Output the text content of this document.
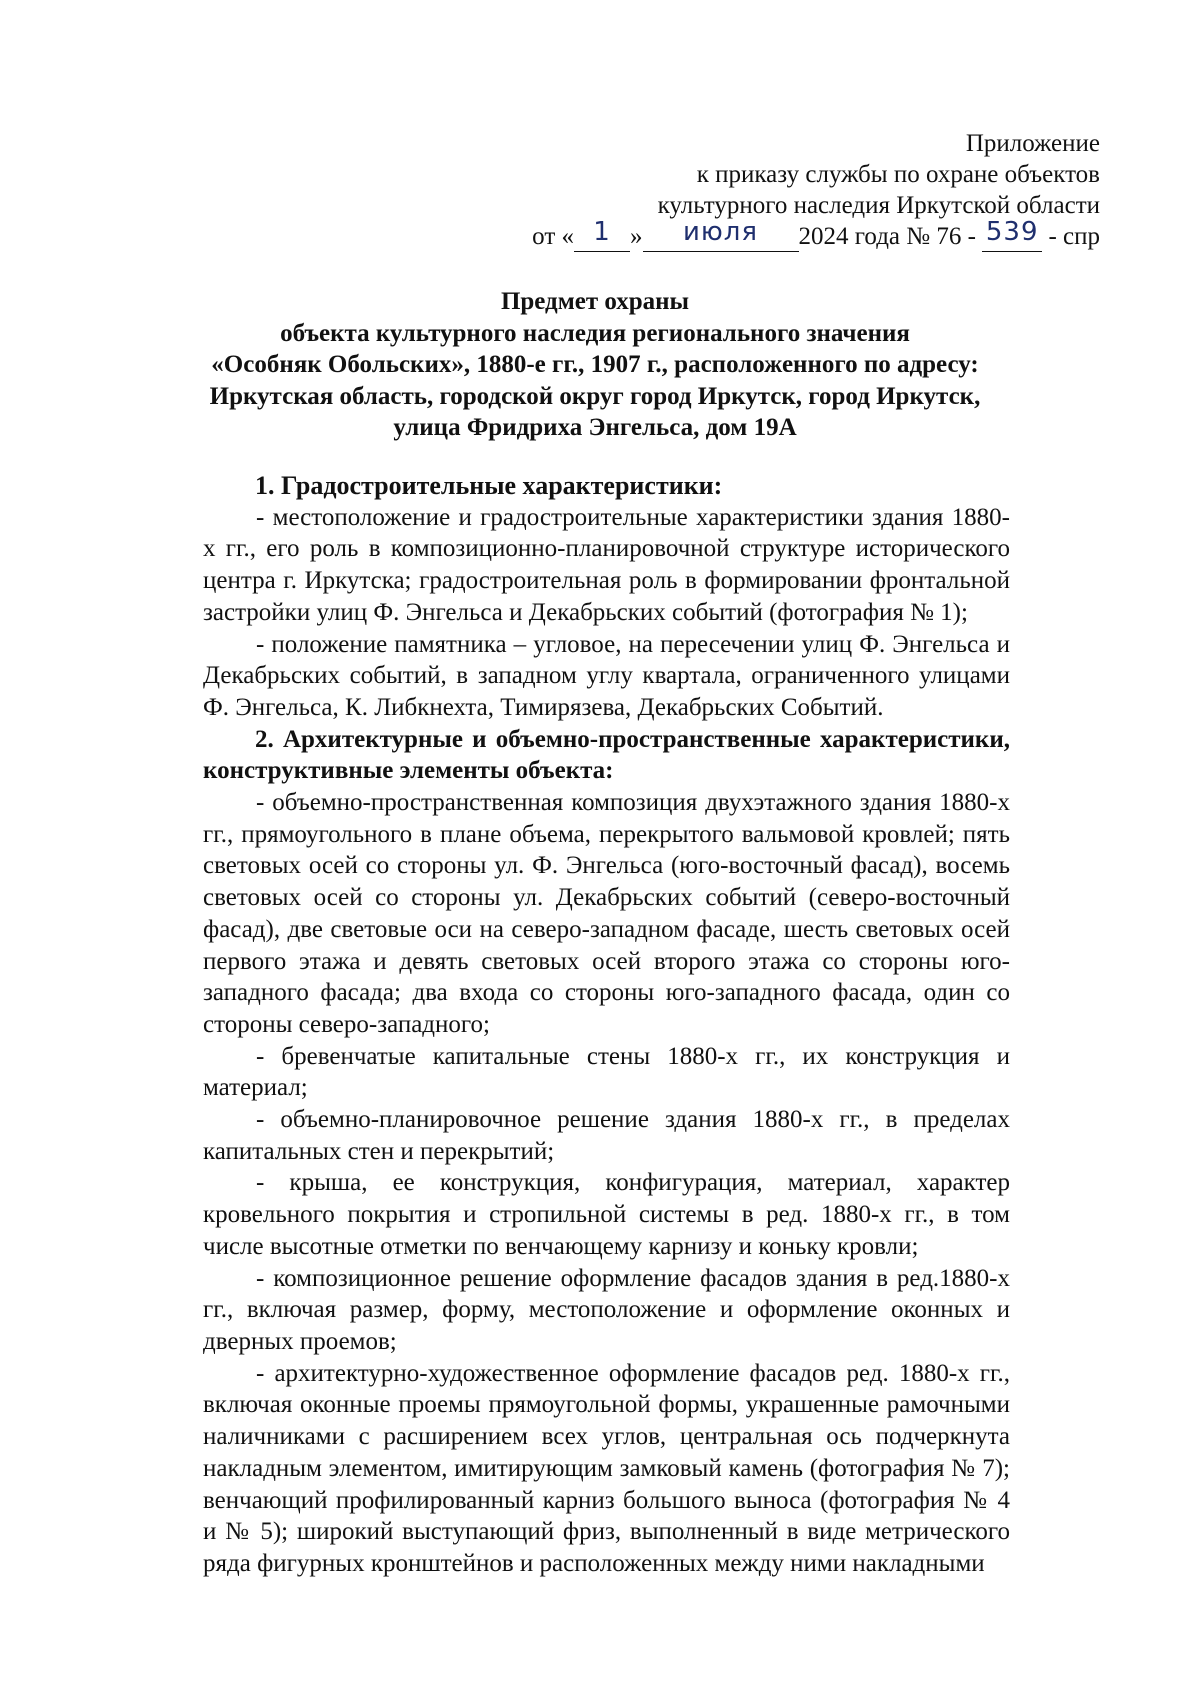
Приложение
к приказу службы по охране объектов
культурного наследия Иркутской области
от « 1 » июля 2024 года № 76 - 539 - спр
Предмет охраны
объекта культурного наследия регионального значения
«Особняк Обольских», 1880-е гг., 1907 г., расположенного по адресу:
Иркутская область, городской округ город Иркутск, город Иркутск,
улица Фридриха Энгельса, дом 19А

1. Градостроительные характеристики:

- местоположение и градостроительные характеристики здания 1880-х гг., его роль в композиционно-планировочной структуре исторического центра г. Иркутска; градостроительная роль в формировании фронтальной застройки улиц Ф. Энгельса и Декабрьских событий (фотография № 1);

- положение памятника – угловое, на пересечении улиц Ф. Энгельса и Декабрьских событий, в западном углу квартала, ограниченного улицами Ф. Энгельса, К. Либкнехта, Тимирязева, Декабрьских Событий.

2. Архитектурные и объемно-пространственные характеристики, конструктивные элементы объекта:

- объемно-пространственная композиция двухэтажного здания 1880-х гг., прямоугольного в плане объема, перекрытого вальмовой кровлей; пять световых осей со стороны ул. Ф. Энгельса (юго-восточный фасад), восемь световых осей со стороны ул. Декабрьских событий (северо-восточный фасад), две световые оси на северо-западном фасаде, шесть световых осей первого этажа и девять световых осей второго этажа со стороны юго-западного фасада; два входа со стороны юго-западного фасада, один со стороны северо-западного;

- бревенчатые капитальные стены 1880-х гг., их конструкция и материал;

- объемно-планировочное решение здания 1880-х гг., в пределах капитальных стен и перекрытий;

- крыша, ее конструкция, конфигурация, материал, характер кровельного покрытия и стропильной системы в ред. 1880-х гг., в том числе высотные отметки по венчающему карнизу и коньку кровли;

- композиционное решение оформление фасадов здания в ред.1880-х гг., включая размер, форму, местоположение и оформление оконных и дверных проемов;

- архитектурно-художественное оформление фасадов ред. 1880-х гг., включая оконные проемы прямоугольной формы, украшенные рамочными наличниками с расширением всех углов, центральная ось подчеркнута накладным элементом, имитирующим замковый камень (фотография № 7); венчающий профилированный карниз большого выноса (фотография № 4 и № 5); широкий выступающий фриз, выполненный в виде метрического ряда фигурных кронштейнов и расположенных между ними накладными
